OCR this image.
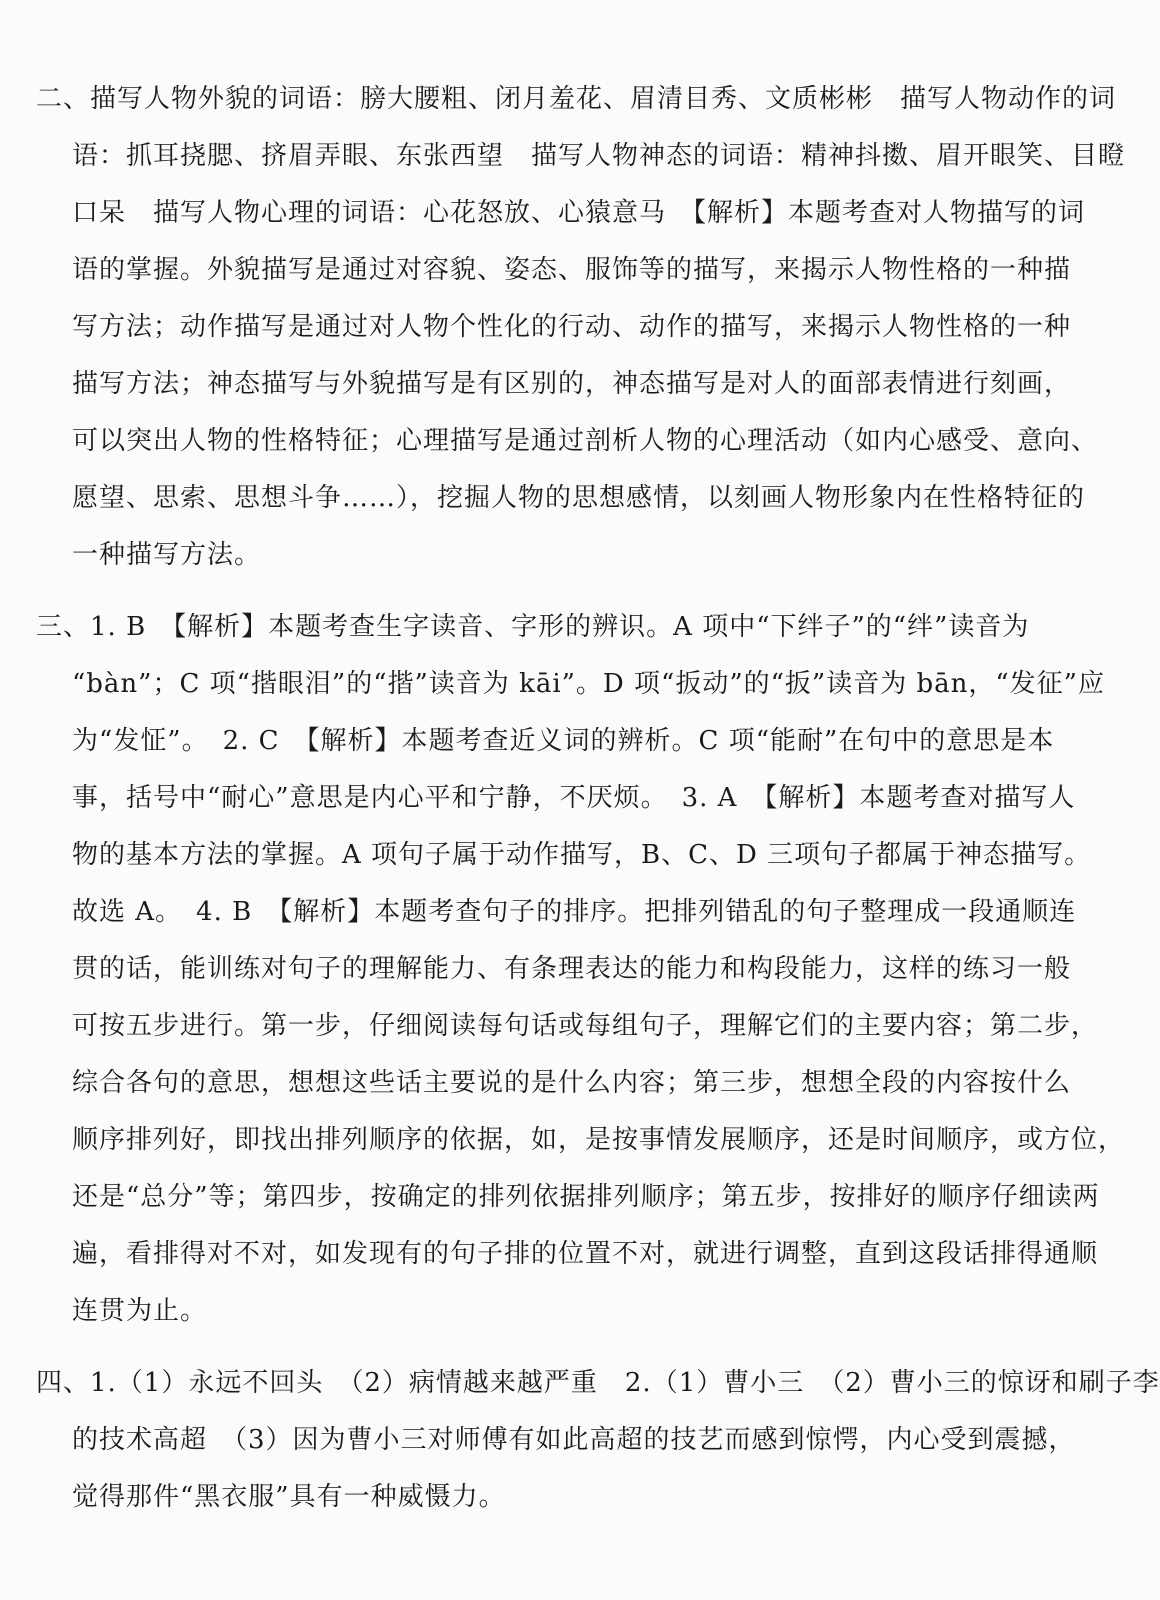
二、描写人物外貌的词语：膀大腰粗、闭月羞花、眉清目秀、文质彬彬　描写人物动作的词
语：抓耳挠腮、挤眉弄眼、东张西望　描写人物神态的词语：精神抖擞、眉开眼笑、目瞪
口呆　描写人物心理的词语：心花怒放、心猿意马　【解析】本题考查对人物描写的词
语的掌握。外貌描写是通过对容貌、姿态、服饰等的描写，来揭示人物性格的一种描
写方法；动作描写是通过对人物个性化的行动、动作的描写，来揭示人物性格的一种
描写方法；神态描写与外貌描写是有区别的，神态描写是对人的面部表情进行刻画，
可以突出人物的性格特征；心理描写是通过剖析人物的心理活动（如内心感受、意向、
愿望、思索、思想斗争……），挖掘人物的思想感情，以刻画人物形象内在性格特征的
一种描写方法。
三、1. B　【解析】本题考查生字读音、字形的辨识。A 项中“下绊子”的“绊”读音为
“bàn”；C 项“揩眼泪”的“揩”读音为 kāi”。D 项“扳动”的“扳”读音为 bān，“发征”应
为“发怔”。　2. C　【解析】本题考查近义词的辨析。C 项“能耐”在句中的意思是本
事，括号中“耐心”意思是内心平和宁静，不厌烦。　3. A　【解析】本题考查对描写人
物的基本方法的掌握。A 项句子属于动作描写，B、C、D 三项句子都属于神态描写。
故选 A。　4. B　【解析】本题考查句子的排序。把排列错乱的句子整理成一段通顺连
贯的话，能训练对句子的理解能力、有条理表达的能力和构段能力，这样的练习一般
可按五步进行。第一步，仔细阅读每句话或每组句子，理解它们的主要内容；第二步，
综合各句的意思，想想这些话主要说的是什么内容；第三步，想想全段的内容按什么
顺序排列好，即找出排列顺序的依据，如，是按事情发展顺序，还是时间顺序，或方位，
还是“总分”等；第四步，按确定的排列依据排列顺序；第五步，按排好的顺序仔细读两
遍，看排得对不对，如发现有的句子排的位置不对，就进行调整，直到这段话排得通顺
连贯为止。
四、1.（1）永远不回头　（2）病情越来越严重　2.（1）曹小三　（2）曹小三的惊讶和刷子李
的技术高超　（3）因为曹小三对师傅有如此高超的技艺而感到惊愕，内心受到震撼，
觉得那件“黑衣服”具有一种威慑力。
